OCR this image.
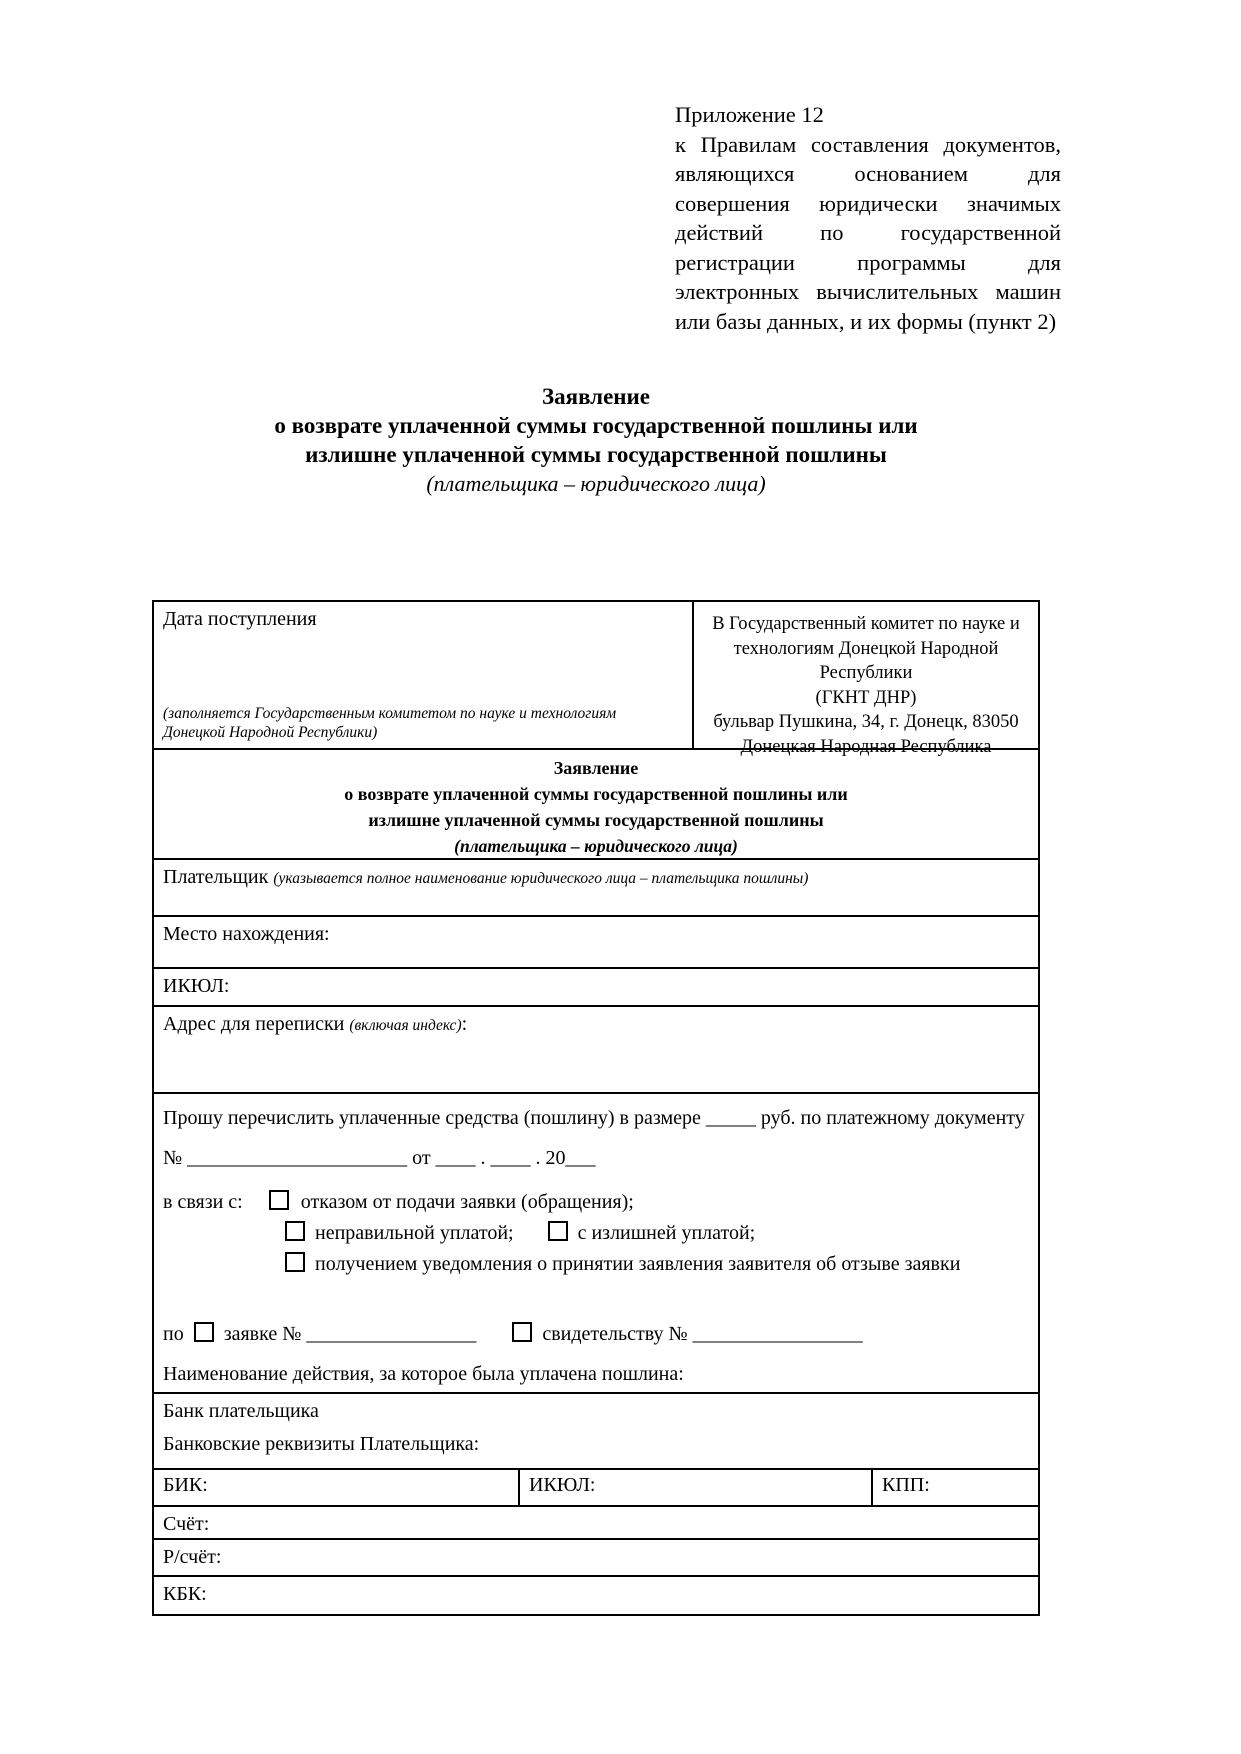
Приложение 12
к Правилам составления документов,
являющихся	основанием	для
совершения юридически значимых
действий	по	государственной
регистрации	программы	для
электронных вычислительных машин
или базы данных, и их формы (пункт 2)
Заявление
о возврате уплаченной суммы государственной пошлины или
излишне уплаченной суммы государственной пошлины
(плательщика – юридического лица)
Дата поступления
(заполняется Государственным комитетом по науке и технологиям Донецкой Народной Республики)
В Государственный комитет по науке и
технологиям Донецкой Народной Республики
(ГКНТ ДНР)
бульвар Пушкина, 34, г. Донецк, 83050
Донецкая Народная Республика
Заявление
о возврате уплаченной суммы государственной пошлины или
излишне уплаченной суммы государственной пошлины
(плательщика – юридического лица)
Плательщик (указывается полное наименование юридического лица – плательщика пошлины)
Место нахождения:
ИКЮЛ:
Адрес для переписки (включая индекс):
Прошу перечислить уплаченные средства (пошлину) в размере _____ руб. по платежному документу
№ ______________________ от ____ . ____ . 20___
в связи с:	отказом от подачи заявки (обращения);
неправильной уплатой;	с излишней уплатой;
получением уведомления о принятии заявления заявителя об отзыве заявки
по заявке № _________________	свидетельству № _________________
Наименование действия, за которое была уплачена пошлина:
Банк плательщика
Банковские реквизиты Плательщика:
БИК:	ИКЮЛ:	КПП:
Счёт:
Р/счёт:
КБК:
